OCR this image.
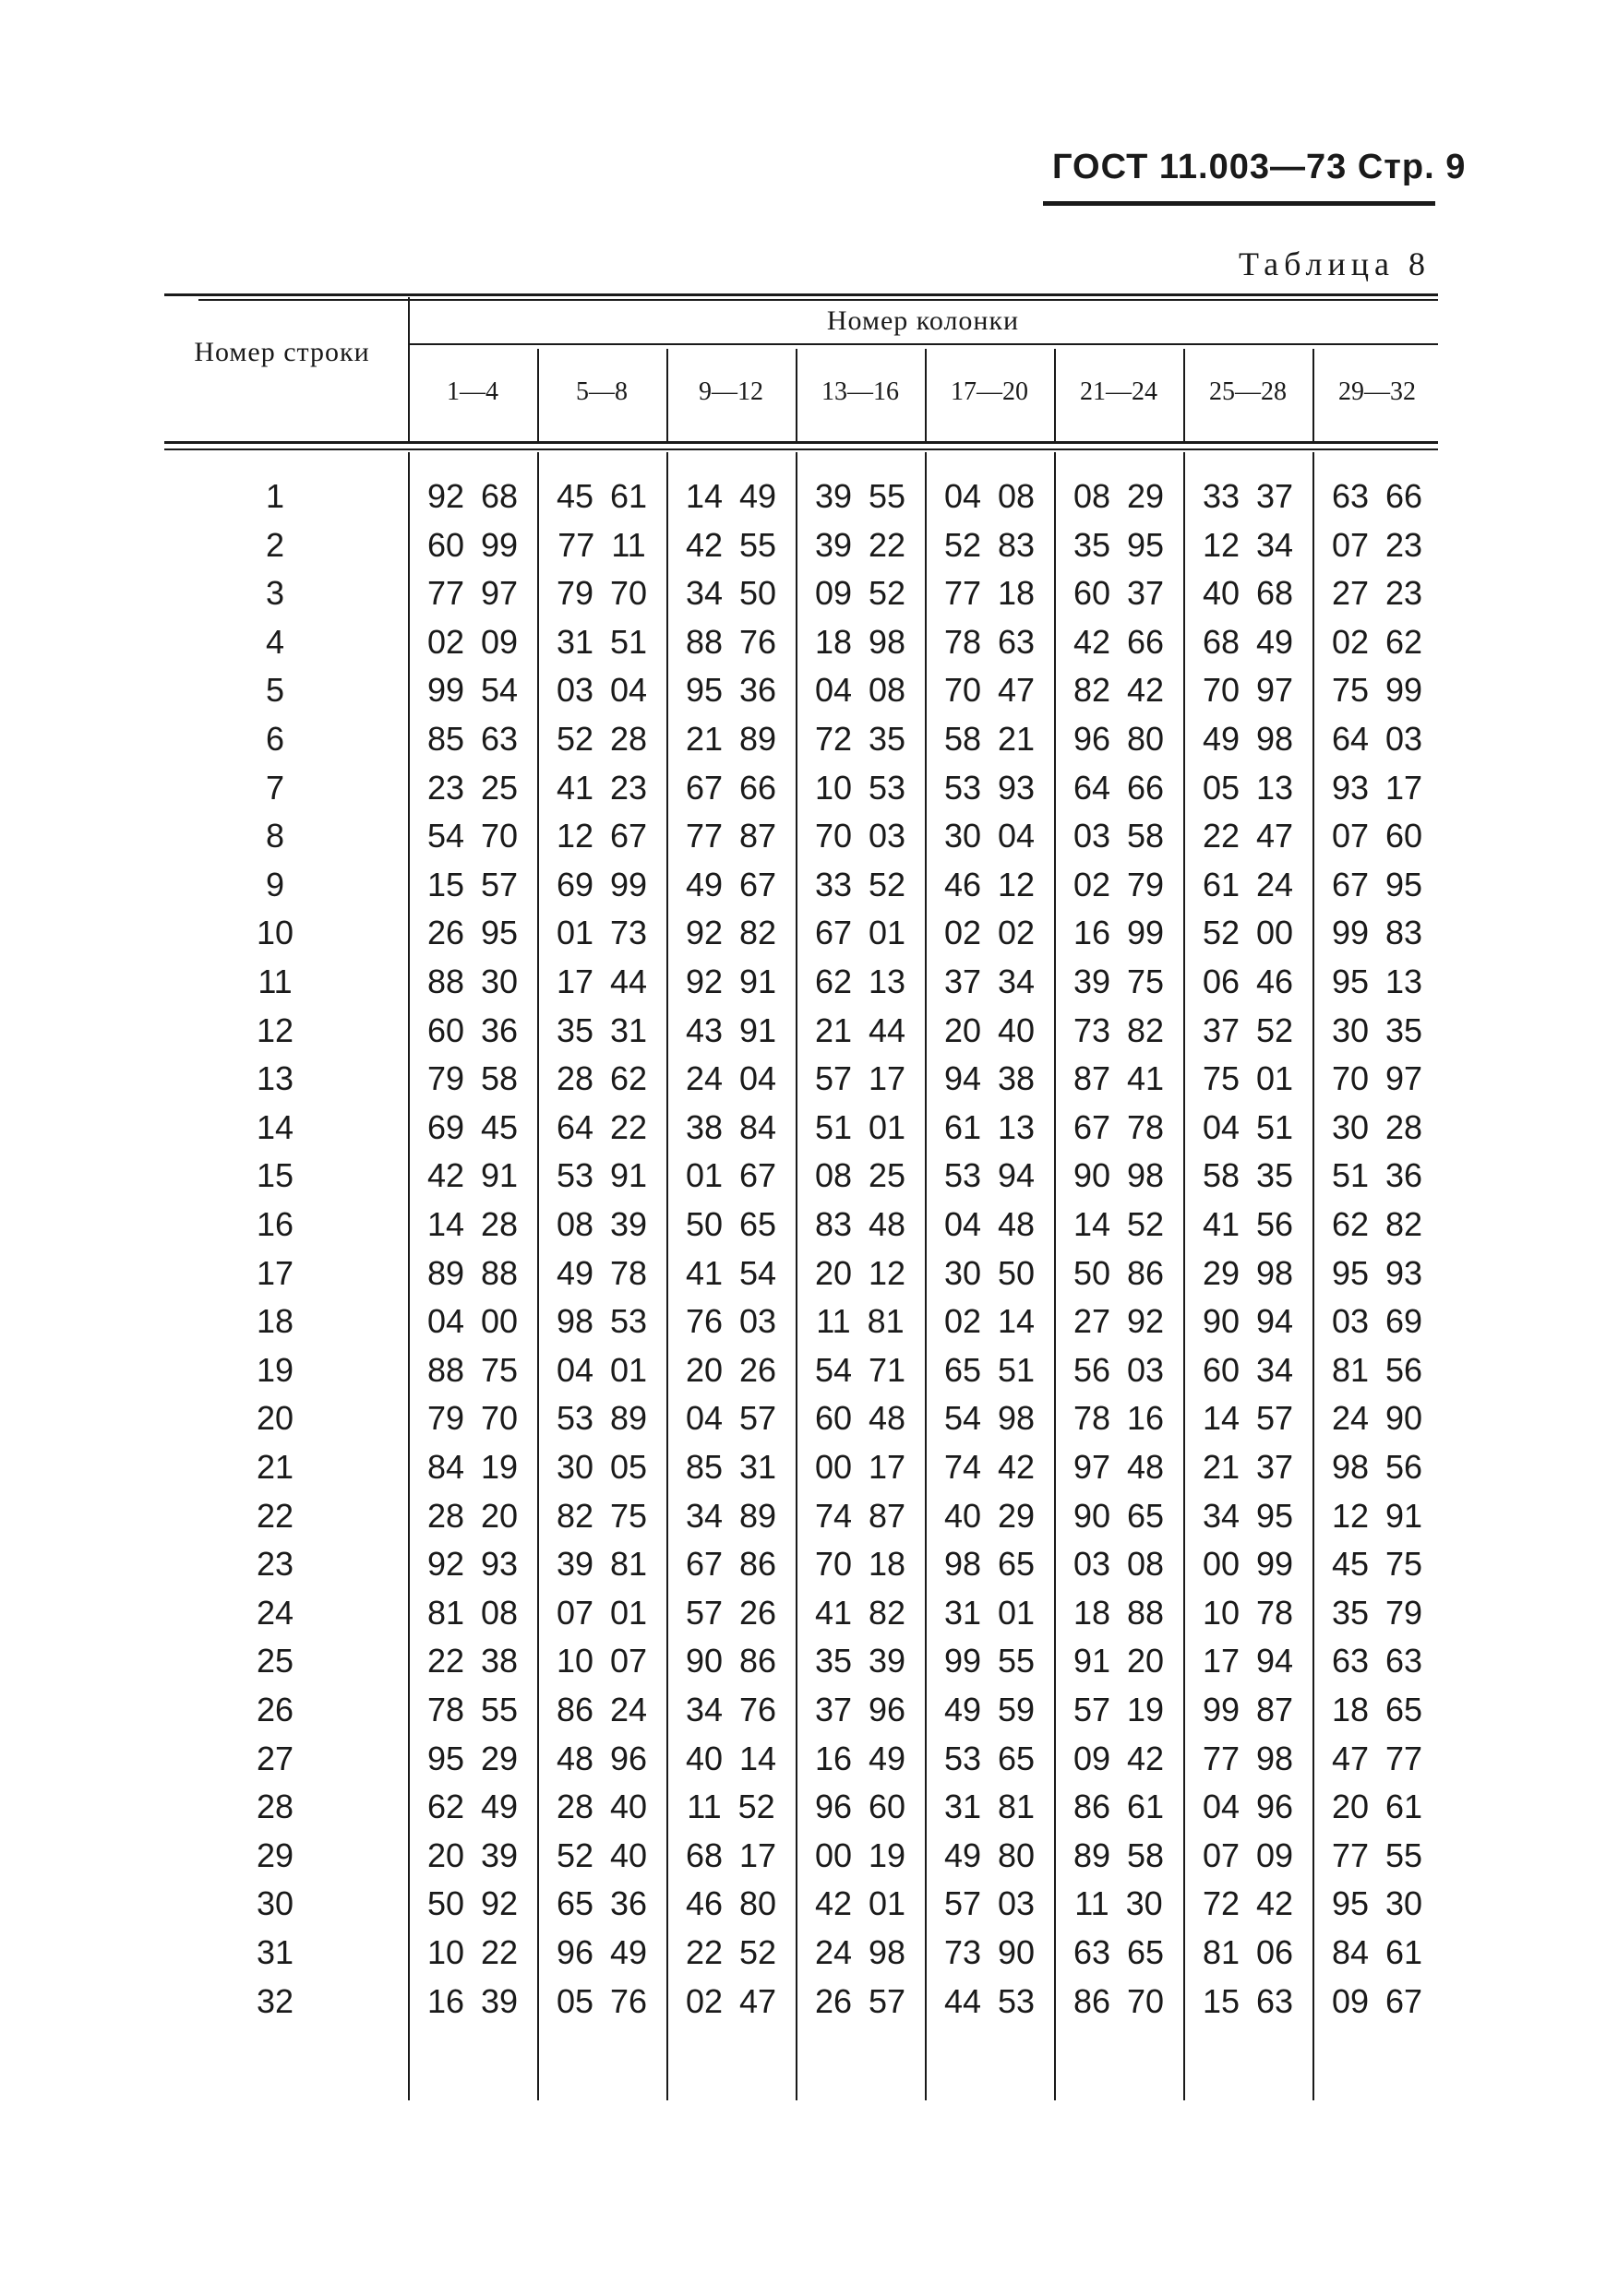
ГОСТ 11.003—73 Стр. 9
Таблица 8
Номер колонки
Номер строки
1—4	5—8	9—12	13—16	17—20	21—24	25—28	29—32
1	92 68	45 61	14 49	39 55	04 08	08 29	33 37	63 66
2	60 99	77 11	42 55	39 22	52 83	35 95	12 34	07 23
3	77 97	79 70	34 50	09 52	77 18	60 37	40 68	27 23
4	02 09	31 51	88 76	18 98	78 63	42 66	68 49	02 62
5	99 54	03 04	95 36	04 08	70 47	82 42	70 97	75 99
6	85 63	52 28	21 89	72 35	58 21	96 80	49 98	64 03
7	23 25	41 23	67 66	10 53	53 93	64 66	05 13	93 17
8	54 70	12 67	77 87	70 03	30 04	03 58	22 47	07 60
9	15 57	69 99	49 67	33 52	46 12	02 79	61 24	67 95
10	26 95	01 73	92 82	67 01	02 02	16 99	52 00	99 83
11	88 30	17 44	92 91	62 13	37 34	39 75	06 46	95 13
12	60 36	35 31	43 91	21 44	20 40	73 82	37 52	30 35
13	79 58	28 62	24 04	57 17	94 38	87 41	75 01	70 97
14	69 45	64 22	38 84	51 01	61 13	67 78	04 51	30 28
15	42 91	53 91	01 67	08 25	53 94	90 98	58 35	51 36
16	14 28	08 39	50 65	83 48	04 48	14 52	41 56	62 82
17	89 88	49 78	41 54	20 12	30 50	50 86	29 98	95 93
18	04 00	98 53	76 03	11 81	02 14	27 92	90 94	03 69
19	88 75	04 01	20 26	54 71	65 51	56 03	60 34	81 56
20	79 70	53 89	04 57	60 48	54 98	78 16	14 57	24 90
21	84 19	30 05	85 31	00 17	74 42	97 48	21 37	98 56
22	28 20	82 75	34 89	74 87	40 29	90 65	34 95	12 91
23	92 93	39 81	67 86	70 18	98 65	03 08	00 99	45 75
24	81 08	07 01	57 26	41 82	31 01	18 88	10 78	35 79
25	22 38	10 07	90 86	35 39	99 55	91 20	17 94	63 63
26	78 55	86 24	34 76	37 96	49 59	57 19	99 87	18 65
27	95 29	48 96	40 14	16 49	53 65	09 42	77 98	47 77
28	62 49	28 40	11 52	96 60	31 81	86 61	04 96	20 61
29	20 39	52 40	68 17	00 19	49 80	89 58	07 09	77 55
30	50 92	65 36	46 80	42 01	57 03	11 30	72 42	95 30
31	10 22	96 49	22 52	24 98	73 90	63 65	81 06	84 61
32	16 39	05 76	02 47	26 57	44 53	86 70	15 63	09 67
